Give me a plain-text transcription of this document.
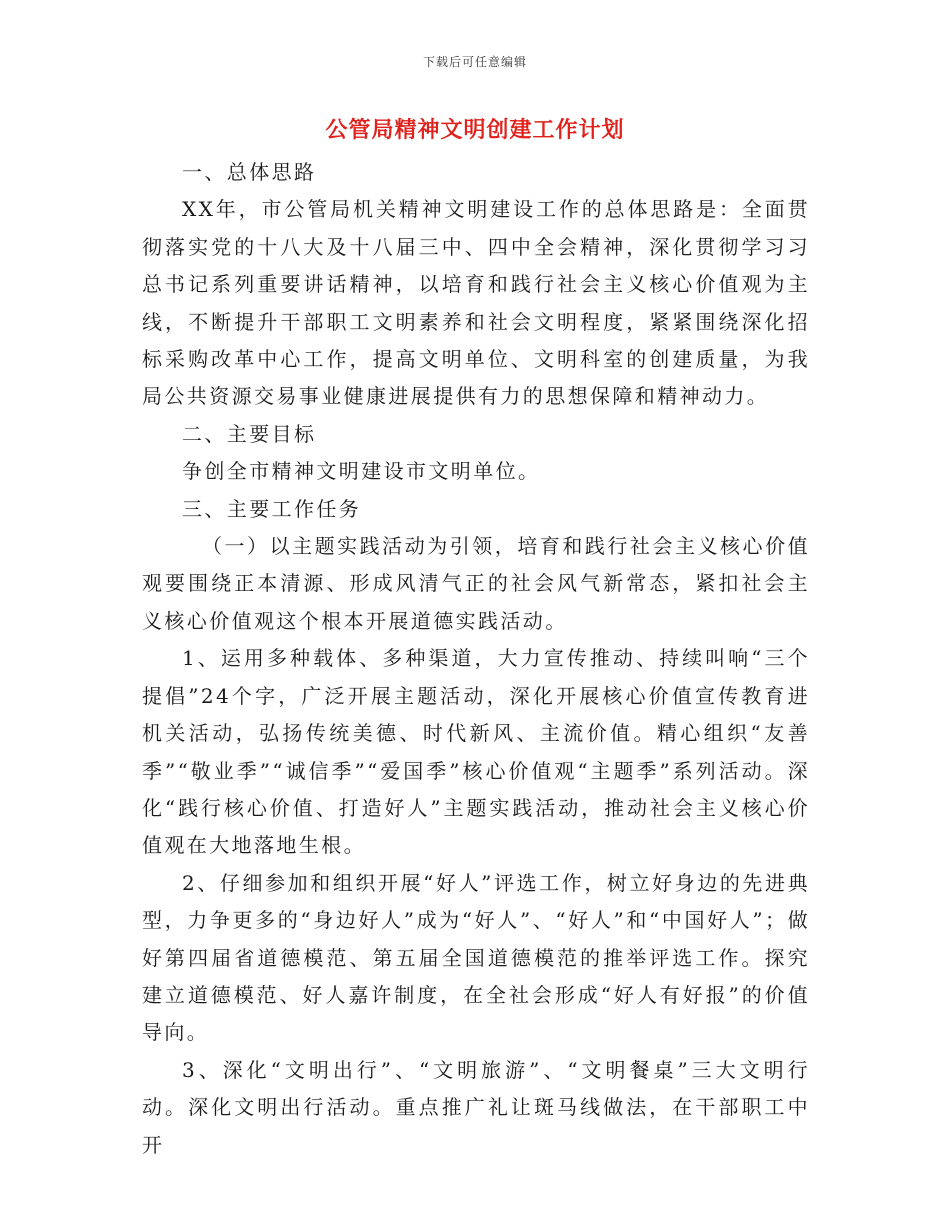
下载后可任意编辑
公管局精神文明创建工作计划

一、总体思路

XX年，市公管局机关精神文明建设工作的总体思路是：全面贯彻落实党的十八大及十八届三中、四中全会精神，深化贯彻学习习总书记系列重要讲话精神，以培育和践行社会主义核心价值观为主线，不断提升干部职工文明素养和社会文明程度，紧紧围绕深化招标采购改革中心工作，提高文明单位、文明科室的创建质量，为我局公共资源交易事业健康进展提供有力的思想保障和精神动力。

二、主要目标

争创全市精神文明建设市文明单位。

三、主要工作任务

（一）以主题实践活动为引领，培育和践行社会主义核心价值观要围绕正本清源、形成风清气正的社会风气新常态，紧扣社会主义核心价值观这个根本开展道德实践活动。

1、运用多种载体、多种渠道，大力宣传推动、持续叫响“三个提倡”24个字，广泛开展主题活动，深化开展核心价值宣传教育进机关活动，弘扬传统美德、时代新风、主流价值。精心组织“友善季”“敬业季”“诚信季”“爱国季”核心价值观“主题季”系列活动。深化“践行核心价值、打造好人”主题实践活动，推动社会主义核心价值观在大地落地生根。

2、仔细参加和组织开展“好人”评选工作，树立好身边的先进典型，力争更多的“身边好人”成为“好人”、“好人”和“中国好人”；做好第四届省道德模范、第五届全国道德模范的推举评选工作。探究建立道德模范、好人嘉许制度，在全社会形成“好人有好报”的价值导向。

3、深化“文明出行”、“文明旅游”、“文明餐桌”三大文明行动。深化文明出行活动。重点推广礼让斑马线做法，在干部职工中开
